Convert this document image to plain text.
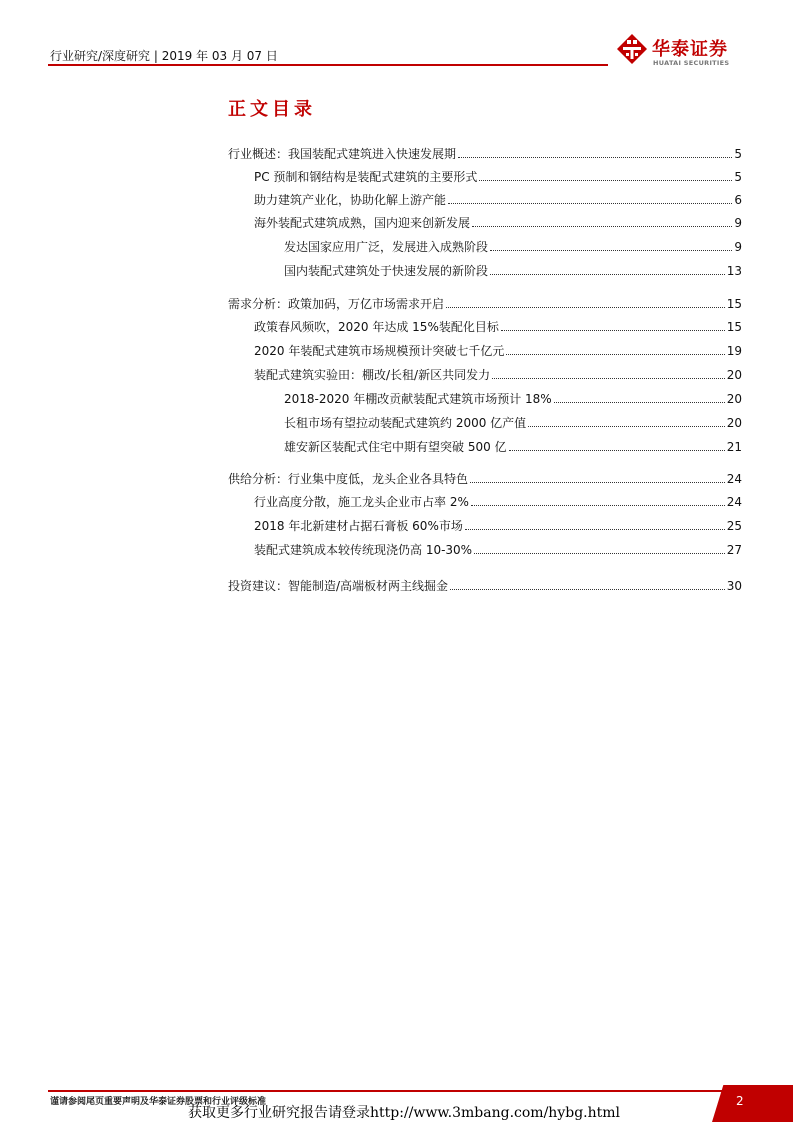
行业研究/深度研究 | 2019 年 03 月 07 日	华泰证券
HUATAI SECURITIES
正文目录
行业概述：我国装配式建筑进入快速发展期	5
PC 预制和钢结构是装配式建筑的主要形式	5
助力建筑产业化，协助化解上游产能	6
海外装配式建筑成熟，国内迎来创新发展	9
发达国家应用广泛，发展进入成熟阶段	9
国内装配式建筑处于快速发展的新阶段	13
需求分析：政策加码，万亿市场需求开启	15
政策春风频吹，2020 年达成 15%装配化目标	15
2020 年装配式建筑市场规模预计突破七千亿元	19
装配式建筑实验田：棚改/长租/新区共同发力	20
2018-2020 年棚改贡献装配式建筑市场预计 18%	20
长租市场有望拉动装配式建筑约 2000 亿产值	20
雄安新区装配式住宅中期有望突破 500 亿	21
供给分析：行业集中度低，龙头企业各具特色	24
行业高度分散，施工龙头企业市占率 2%	24
2018 年北新建材占据石膏板 60%市场	25
装配式建筑成本较传统现浇仍高 10-30%	27
投资建议：智能制造/高端板材两主线掘金	30
谨请参阅尾页重要声明及华泰证券股票和行业评级标准
获取更多行业研究报告请登录http://www.3mbang.com/hybg.html
2
